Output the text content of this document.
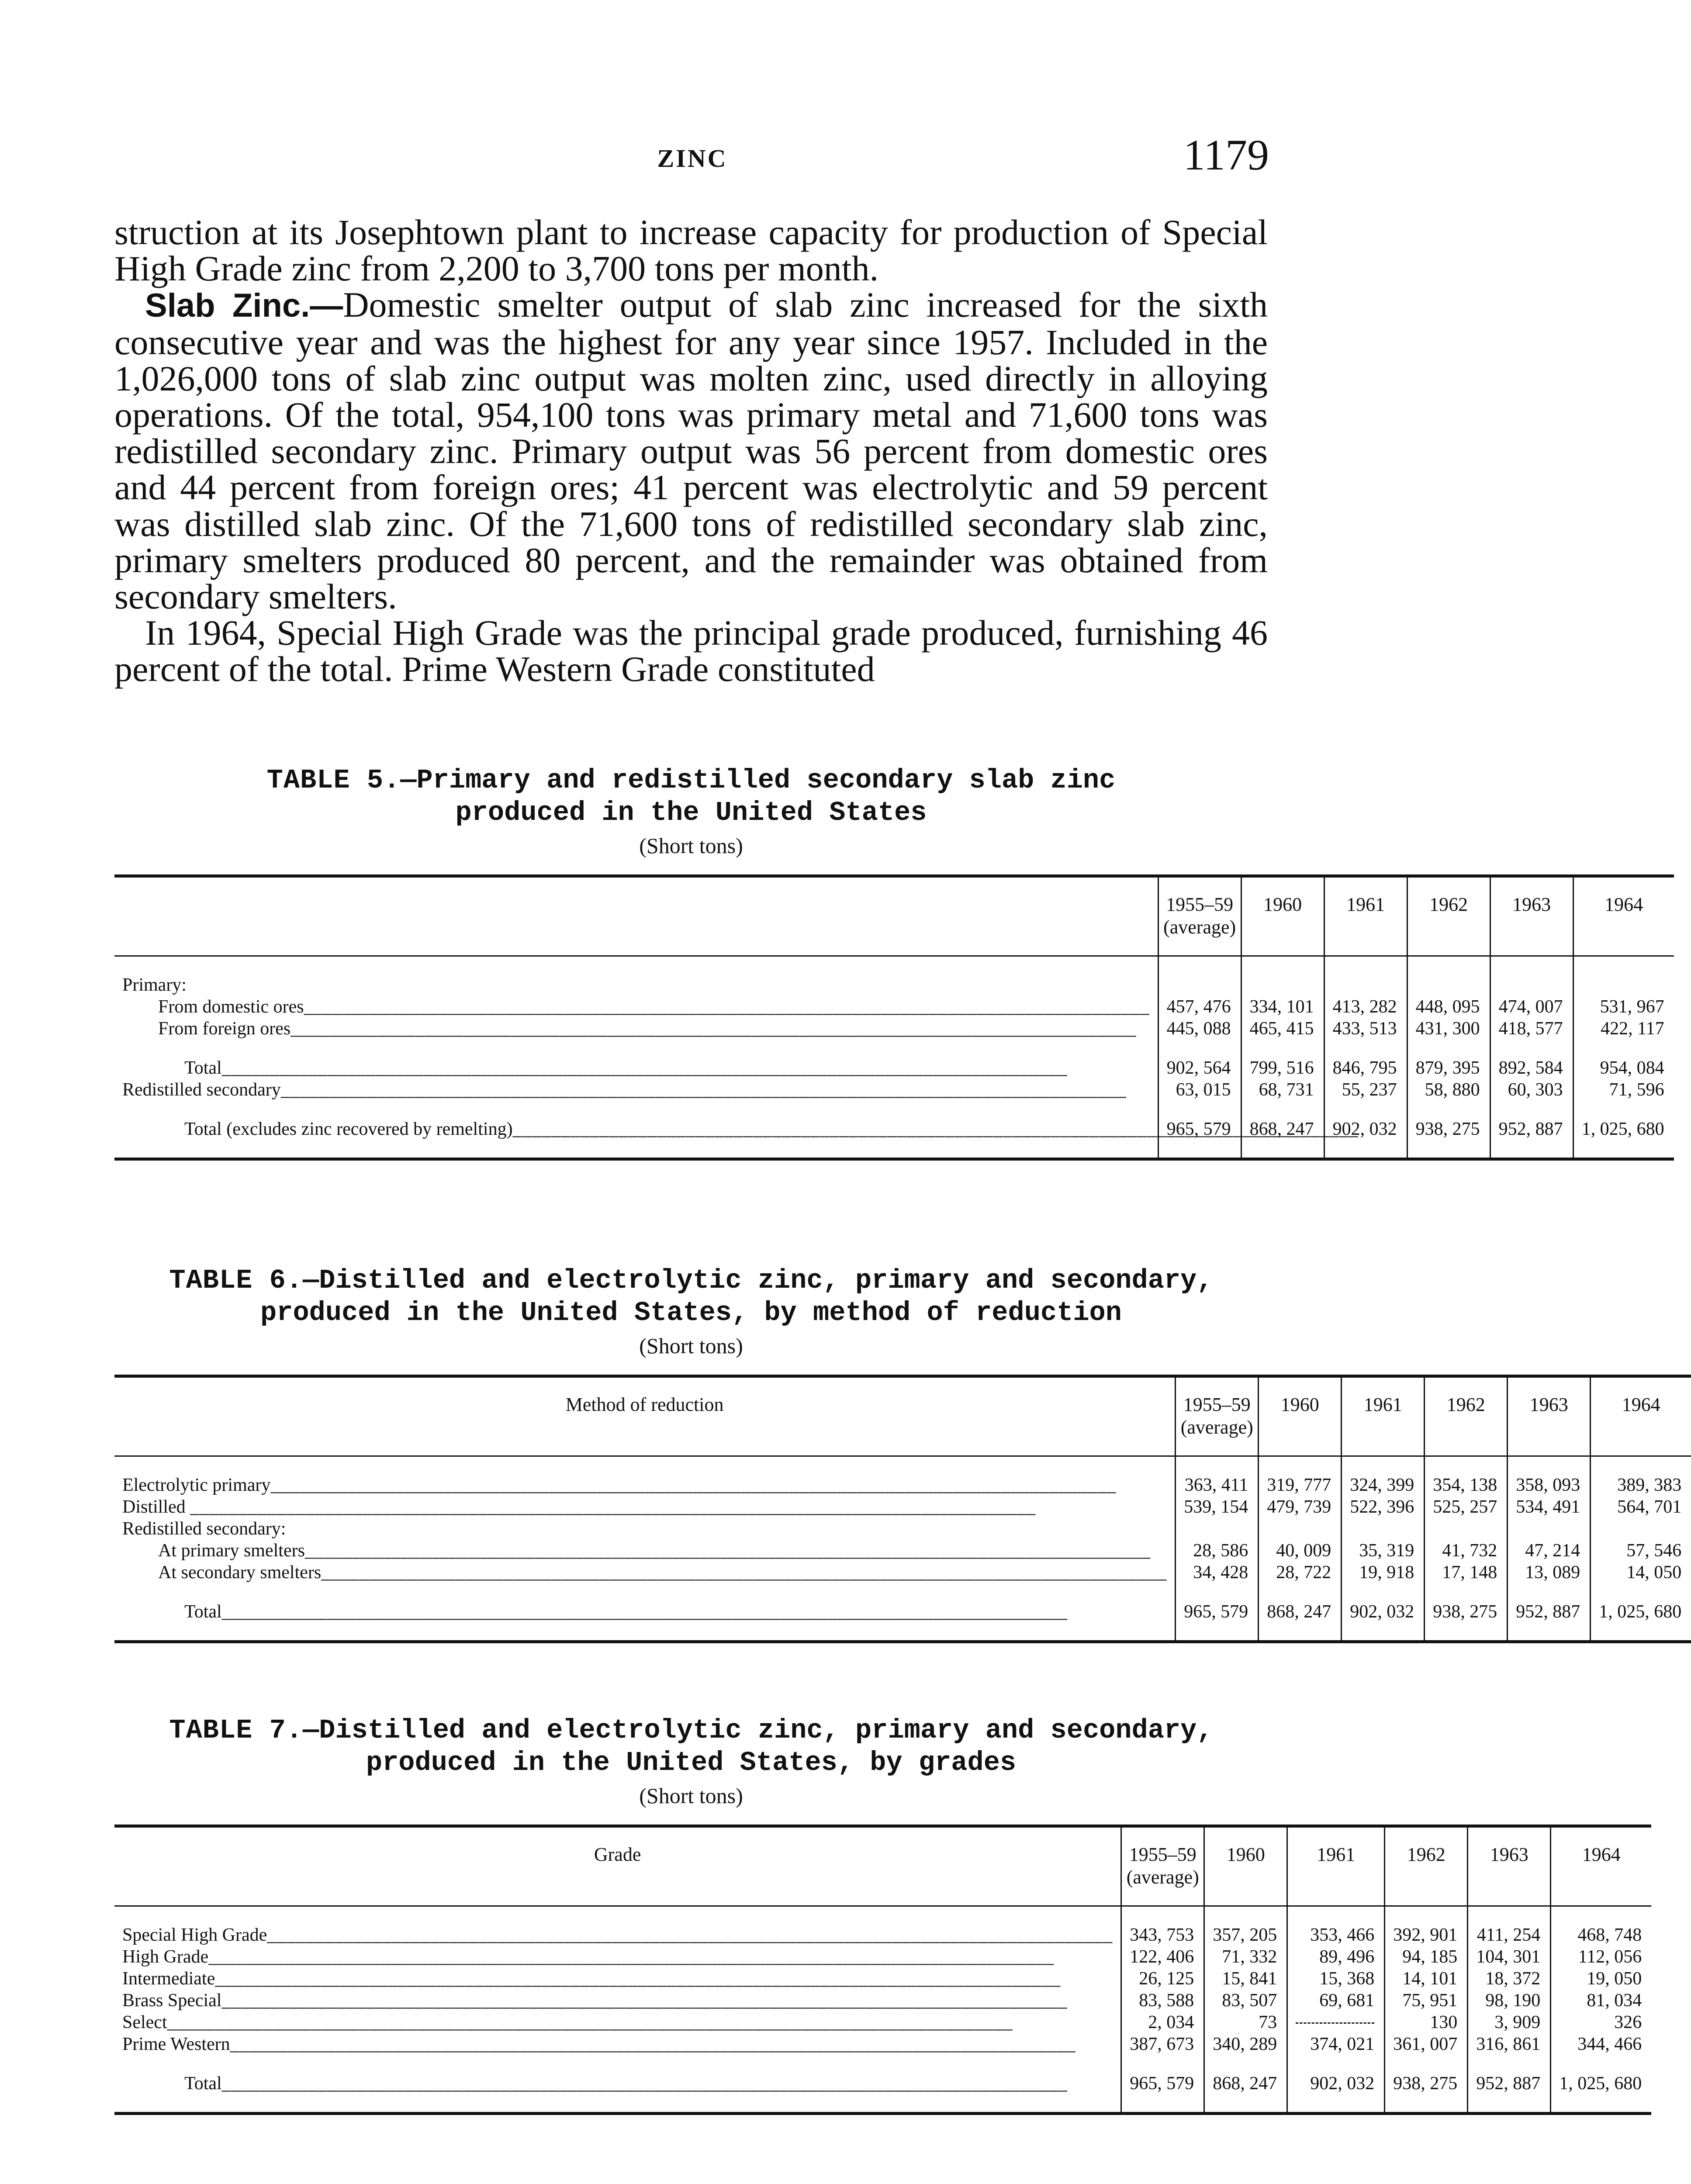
ZINC	1179

struction at its Josephtown plant to increase capacity for production of Special High Grade zinc from 2,200 to 3,700 tons per month.

Slab Zinc.—Domestic smelter output of slab zinc increased for the sixth consecutive year and was the highest for any year since 1957. Included in the 1,026,000 tons of slab zinc output was molten zinc, used directly in alloying operations. Of the total, 954,100 tons was primary metal and 71,600 tons was redistilled secondary zinc. Primary output was 56 percent from domestic ores and 44 percent from foreign ores; 41 percent was electrolytic and 59 percent was distilled slab zinc. Of the 71,600 tons of redistilled secondary slab zinc, primary smelters produced 80 percent, and the remainder was obtained from secondary smelters.

In 1964, Special High Grade was the principal grade produced, furnishing 46 percent of the total. Prime Western Grade constituted

TABLE 5.—Primary and redistilled secondary slab zinc produced in the United States
(Short tons)
	1955–59 (average)	1960	1961	1962	1963	1964
Primary:						
From domestic ores _____	457, 476	334, 101	413, 282	448, 095	474, 007	531, 967
From foreign ores _____	445, 088	465, 415	433, 513	431, 300	418, 577	422, 117

Total _____	902, 564	799, 516	846, 795	879, 395	892, 584	954, 084
Redistilled secondary _____	63, 015	68, 731	55, 237	58, 880	60, 303	71, 596

Total (excludes zinc recovered by remelting)_____	965, 579	868, 247	902, 032	938, 275	952, 887	1, 025, 680
TABLE 6.—Distilled and electrolytic zinc, primary and secondary, produced in the United States, by method of reduction
(Short tons)
Method of reduction	1955–59 (average)	1960	1961	1962	1963	1964
Electrolytic primary _____	363, 411	319, 777	324, 399	354, 138	358, 093	389, 383
Distilled _____	539, 154	479, 739	522, 396	525, 257	534, 491	564, 701
Redistilled secondary:						
At primary smelters _____	28, 586	40, 009	35, 319	41, 732	47, 214	57, 546
At secondary smelters _____	34, 428	28, 722	19, 918	17, 148	13, 089	14, 050

Total _____	965, 579	868, 247	902, 032	938, 275	952, 887	1, 025, 680
TABLE 7.—Distilled and electrolytic zinc, primary and secondary, produced in the United States, by grades
(Short tons)
Grade	1955–59 (average)	1960	1961	1962	1963	1964
Special High Grade _____	343, 753	357, 205	353, 466	392, 901	411, 254	468, 748
High Grade _____	122, 406	71, 332	89, 496	94, 185	104, 301	112, 056
Intermediate _____	26, 125	15, 841	15, 368	14, 101	18, 372	19, 050
Brass Special _____	83, 588	83, 507	69, 681	75, 951	98, 190	81, 034
Select _____	2, 034	73		130	3, 909	326
Prime Western _____	387, 673	340, 289	374, 021	361, 007	316, 861	344, 466

Total _____	965, 579	868, 247	902, 032	938, 275	952, 887	1, 025, 680
